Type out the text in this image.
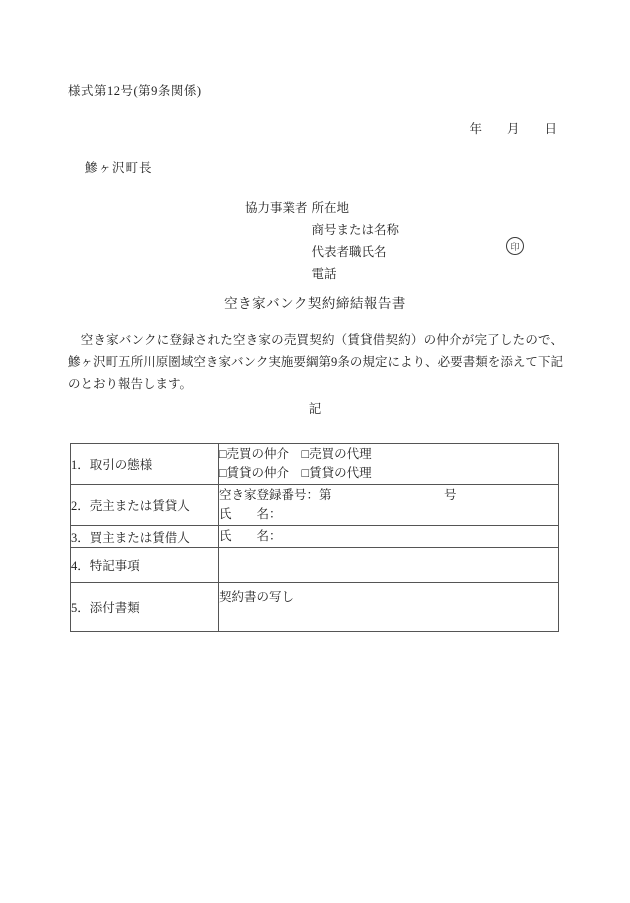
様式第12号(第9条関係)
年　　月　　日
鰺ヶ沢町長
協力事業者 所在地
商号または名称
代表者職氏名
電話
印
空き家バンク契約締結報告書
　空き家バンクに登録された空き家の売買契約（賃貸借契約）の仲介が完了したので、鰺ヶ沢町五所川原圏域空き家バンク実施要綱第9条の規定により、必要書類を添えて下記のとおり報告します。
記
1．取引の態様	□売買の仲介　□売買の代理
□賃貸の仲介　□賃貸の代理

2．売主または賃貸人	空き家登録番号：第　　　　　　　　　号
氏　　名：

3．買主または賃借人	氏　　名：

4．特記事項	
5．添付書類	契約書の写し
